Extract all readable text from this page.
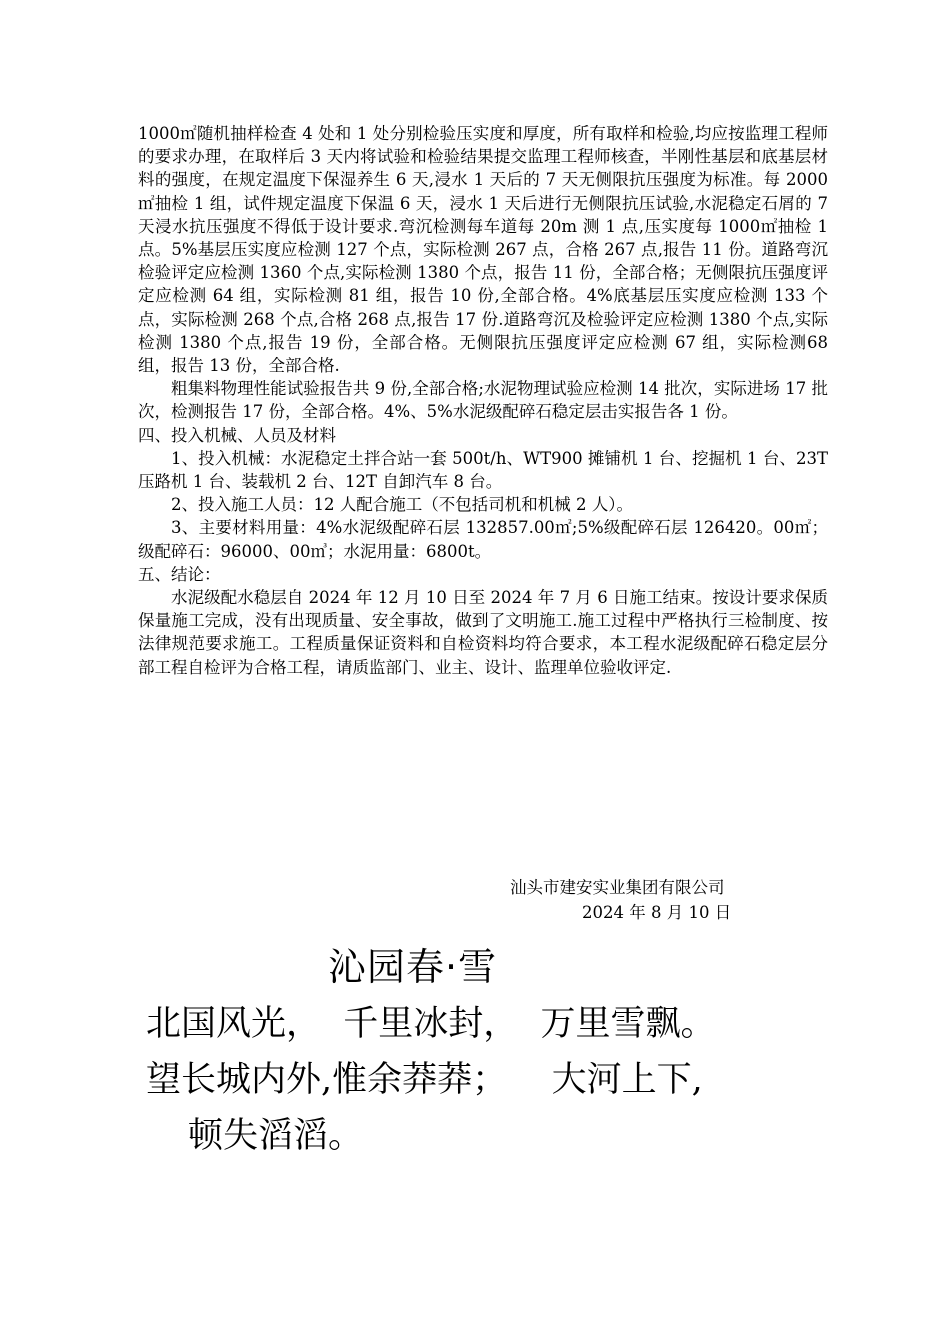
1000㎡随机抽样检查 4 处和 1 处分别检验压实度和厚度，所有取样和检验,均应按监理工程师的要求办理，在取样后 3 天内将试验和检验结果提交监理工程师核查，半刚性基层和底基层材料的强度，在规定温度下保湿养生 6 天,浸水 1 天后的 7 天无侧限抗压强度为标准。每 2000㎡抽检 1 组，试件规定温度下保温 6 天，浸水 1 天后进行无侧限抗压试验,水泥稳定石屑的 7 天浸水抗压强度不得低于设计要求.弯沉检测每车道每 20m 测 1 点,压实度每 1000㎡抽检 1 点。5%基层压实度应检测 127 个点，实际检测 267 点，合格 267 点,报告 11 份。道路弯沉检验评定应检测 1360 个点,实际检测 1380 个点，报告 11 份，全部合格；无侧限抗压强度评定应检测 64 组，实际检测 81 组，报告 10 份,全部合格。4%底基层压实度应检测 133 个点，实际检测 268 个点,合格 268 点,报告 17 份.道路弯沉及检验评定应检测 1380 个点,实际检测 1380 个点,报告 19 份，全部合格。无侧限抗压强度评定应检测 67 组，实际检测68 组，报告 13 份，全部合格.

粗集料物理性能试验报告共 9 份,全部合格;水泥物理试验应检测 14 批次，实际进场 17 批次，检测报告 17 份，全部合格。4%、5%水泥级配碎石稳定层击实报告各 1 份。

四、投入机械、人员及材料

1、投入机械：水泥稳定土拌合站一套 500t/h、WT900 摊铺机 1 台、挖掘机 1 台、23T 压路机 1 台、装载机 2 台、12T 自卸汽车 8 台。

2、投入施工人员：12 人配合施工（不包括司机和机械 2 人）。

3、主要材料用量：4%水泥级配碎石层 132857.00㎡;5%级配碎石层 126420。00㎡；级配碎石：96000、00㎥；水泥用量：6800t。

五、结论：

水泥级配水稳层自 2024 年 12 月 10 日至 2024 年 7 月 6 日施工结束。按设计要求保质保量施工完成，没有出现质量、安全事故，做到了文明施工.施工过程中严格执行三检制度、按法律规范要求施工。工程质量保证资料和自检资料均符合要求，本工程水泥级配碎石稳定层分部工程自检评为合格工程，请质监部门、业主、设计、监理单位验收评定.

汕头市建安实业集团有限公司
2024 年 8 月 10 日
沁园春·雪

北国风光，  千里冰封，  万里雪飘。

望长城内外,惟余莽莽；    大河上下,

顿失滔滔。
